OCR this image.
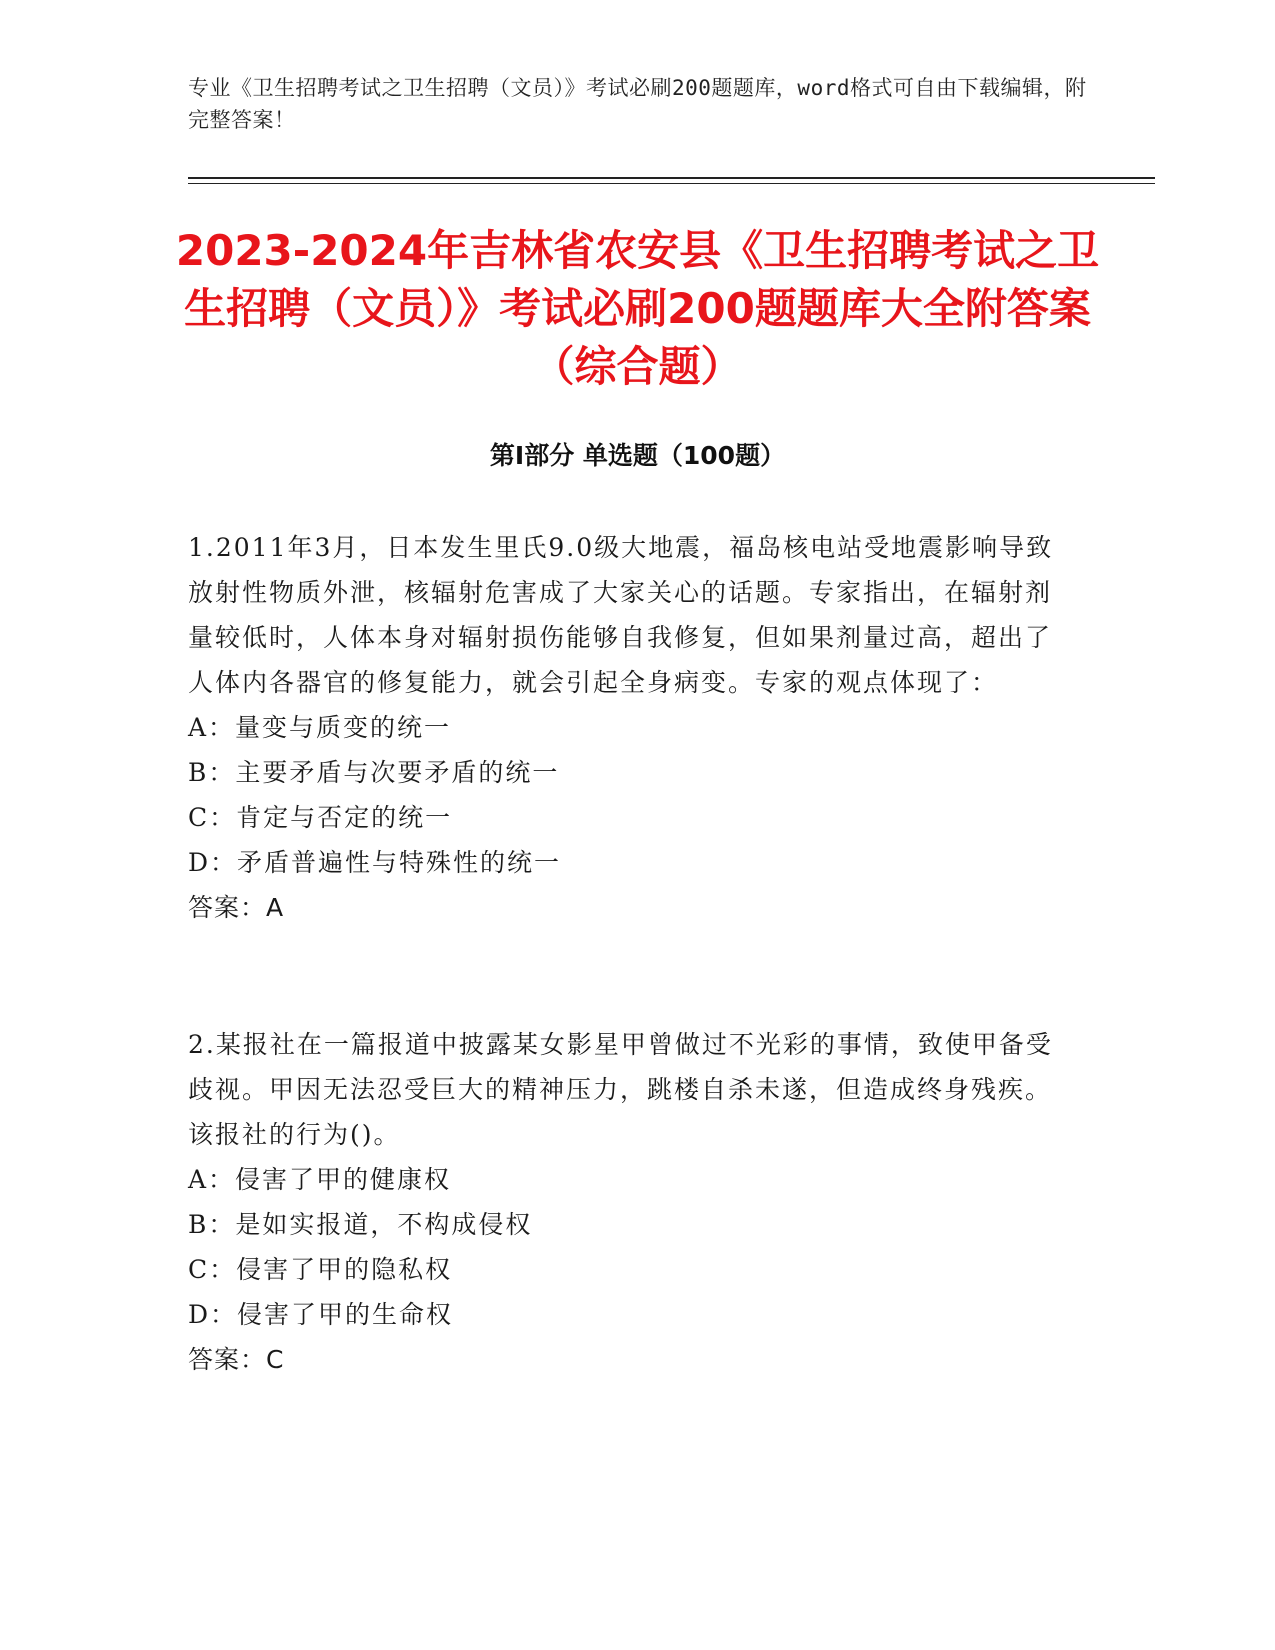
专业《卫生招聘考试之卫生招聘（文员）》考试必刷200题题库，word格式可自由下载编辑，附完整答案！
2023-2024年吉林省农安县《卫生招聘考试之卫生招聘（文员）》考试必刷200题题库大全附答案（综合题）
第Ⅰ部分 单选题（100题）
1.2011年3月，日本发生里氏9.0级大地震，福岛核电站受地震影响导致放射性物质外泄，核辐射危害成了大家关心的话题。专家指出，在辐射剂量较低时，人体本身对辐射损伤能够自我修复，但如果剂量过高，超出了人体内各器官的修复能力，就会引起全身病变。专家的观点体现了：
A：量变与质变的统一
B：主要矛盾与次要矛盾的统一
C：肯定与否定的统一
D：矛盾普遍性与特殊性的统一
答案：A
2.某报社在一篇报道中披露某女影星甲曾做过不光彩的事情，致使甲备受歧视。甲因无法忍受巨大的精神压力，跳楼自杀未遂，但造成终身残疾。该报社的行为()。
A：侵害了甲的健康权
B：是如实报道，不构成侵权
C：侵害了甲的隐私权
D：侵害了甲的生命权
答案：C
